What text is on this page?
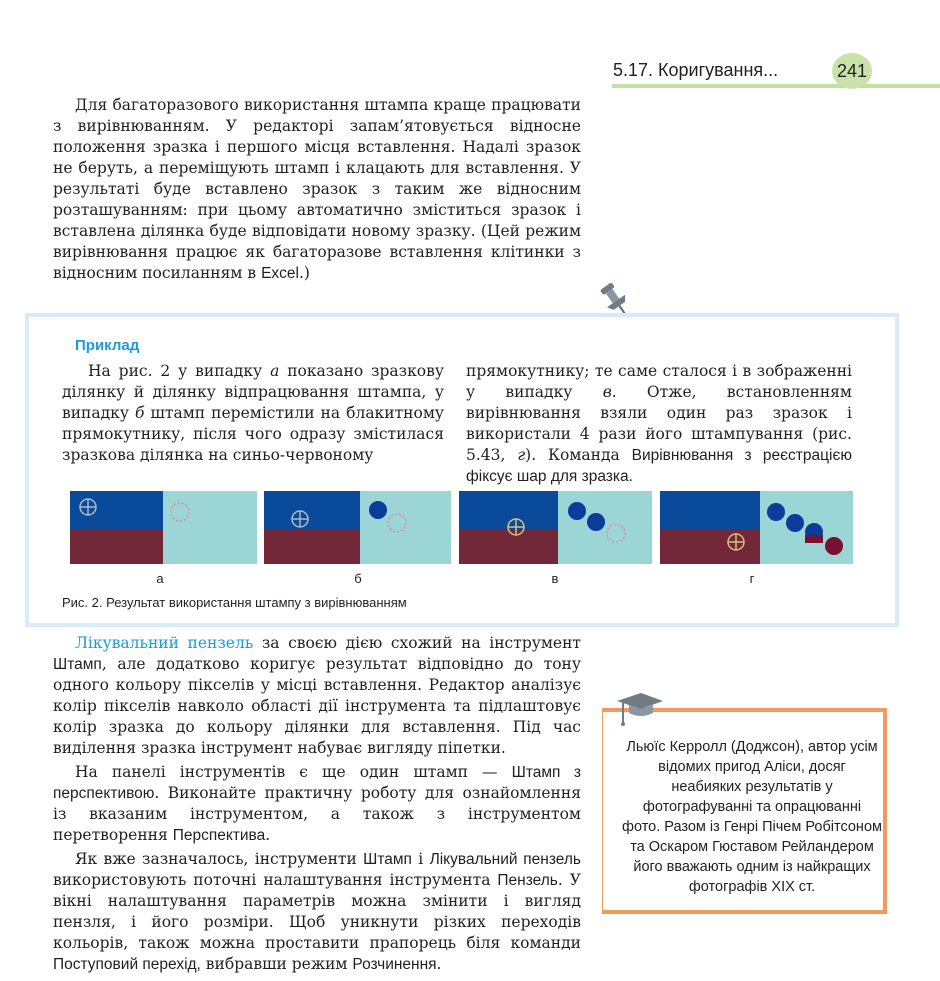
5.17. Коригування...	241

Для багаторазового використання штампа краще працювати з вирівнюванням. У редакторі запам’ятовується відносне положення зразка і першого місця вставлення. Надалі зразок не беруть, а переміщують штамп і клацають для вставлення. У результаті буде вставлено зразок з таким же відносним розташуванням: при цьому автоматично зміститься зразок і вставлена ділянка буде відповідати новому зразку. (Цей режим вирівнювання працює як багаторазове вставлення клітинки з відносним посиланням в Excel.)

Приклад
На рис. 2 у випадку а показано зразкову ділянку й ділянку відпрацювання штампа, у випадку б штамп перемістили на блакитному прямокутнику, після чого одразу змістилася зразкова ділянка на синьо-червоному
прямокутнику; те саме сталося і в зображенні у випадку в. Отже, встановленням вирівнювання взяли один раз зразок і використали 4 рази його штампування (рис. 5.43, г). Команда Вирівнювання з реєстрацією фіксує шар для зразка.
а	б	в	г
Рис. 2. Результат використання штампу з вирівнюванням
Лікувальний пензель за своєю дією схожий на інструмент Штамп, але додатково коригує результат відповідно до тону одного кольору пікселів у місці вставлення. Редактор аналізує колір пікселів навколо області дії інструмента та підлаштовує колір зразка до кольору ділянки для вставлення. Під час виділення зразка інструмент набуває вигляду піпетки.
На панелі інструментів є ще один штамп — Штамп з перспективою. Виконайте практичну роботу для ознайомлення із вказаним інструментом, а також з інструментом перетворення Перспектива.
Як вже зазначалось, інструменти Штамп і Лікувальний пензель використовують поточні налаштування інструмента Пензель. У вікні налаштування параметрів можна змінити і вигляд пензля, і його розміри. Щоб уникнути різких переходів кольорів, також можна проставити прапорець біля команди Поступовий перехід, вибравши режим Розчинення.
Льюїс Керролл (Доджсон), автор усім відомих пригод Аліси, досяг неабияких результатів у фотографуванні та опрацюванні фото. Разом із Генрі Пічем Робітсоном та Оскаром Гюставом Рейландером його вважають одним із найкращих фотографів XIX ст.
